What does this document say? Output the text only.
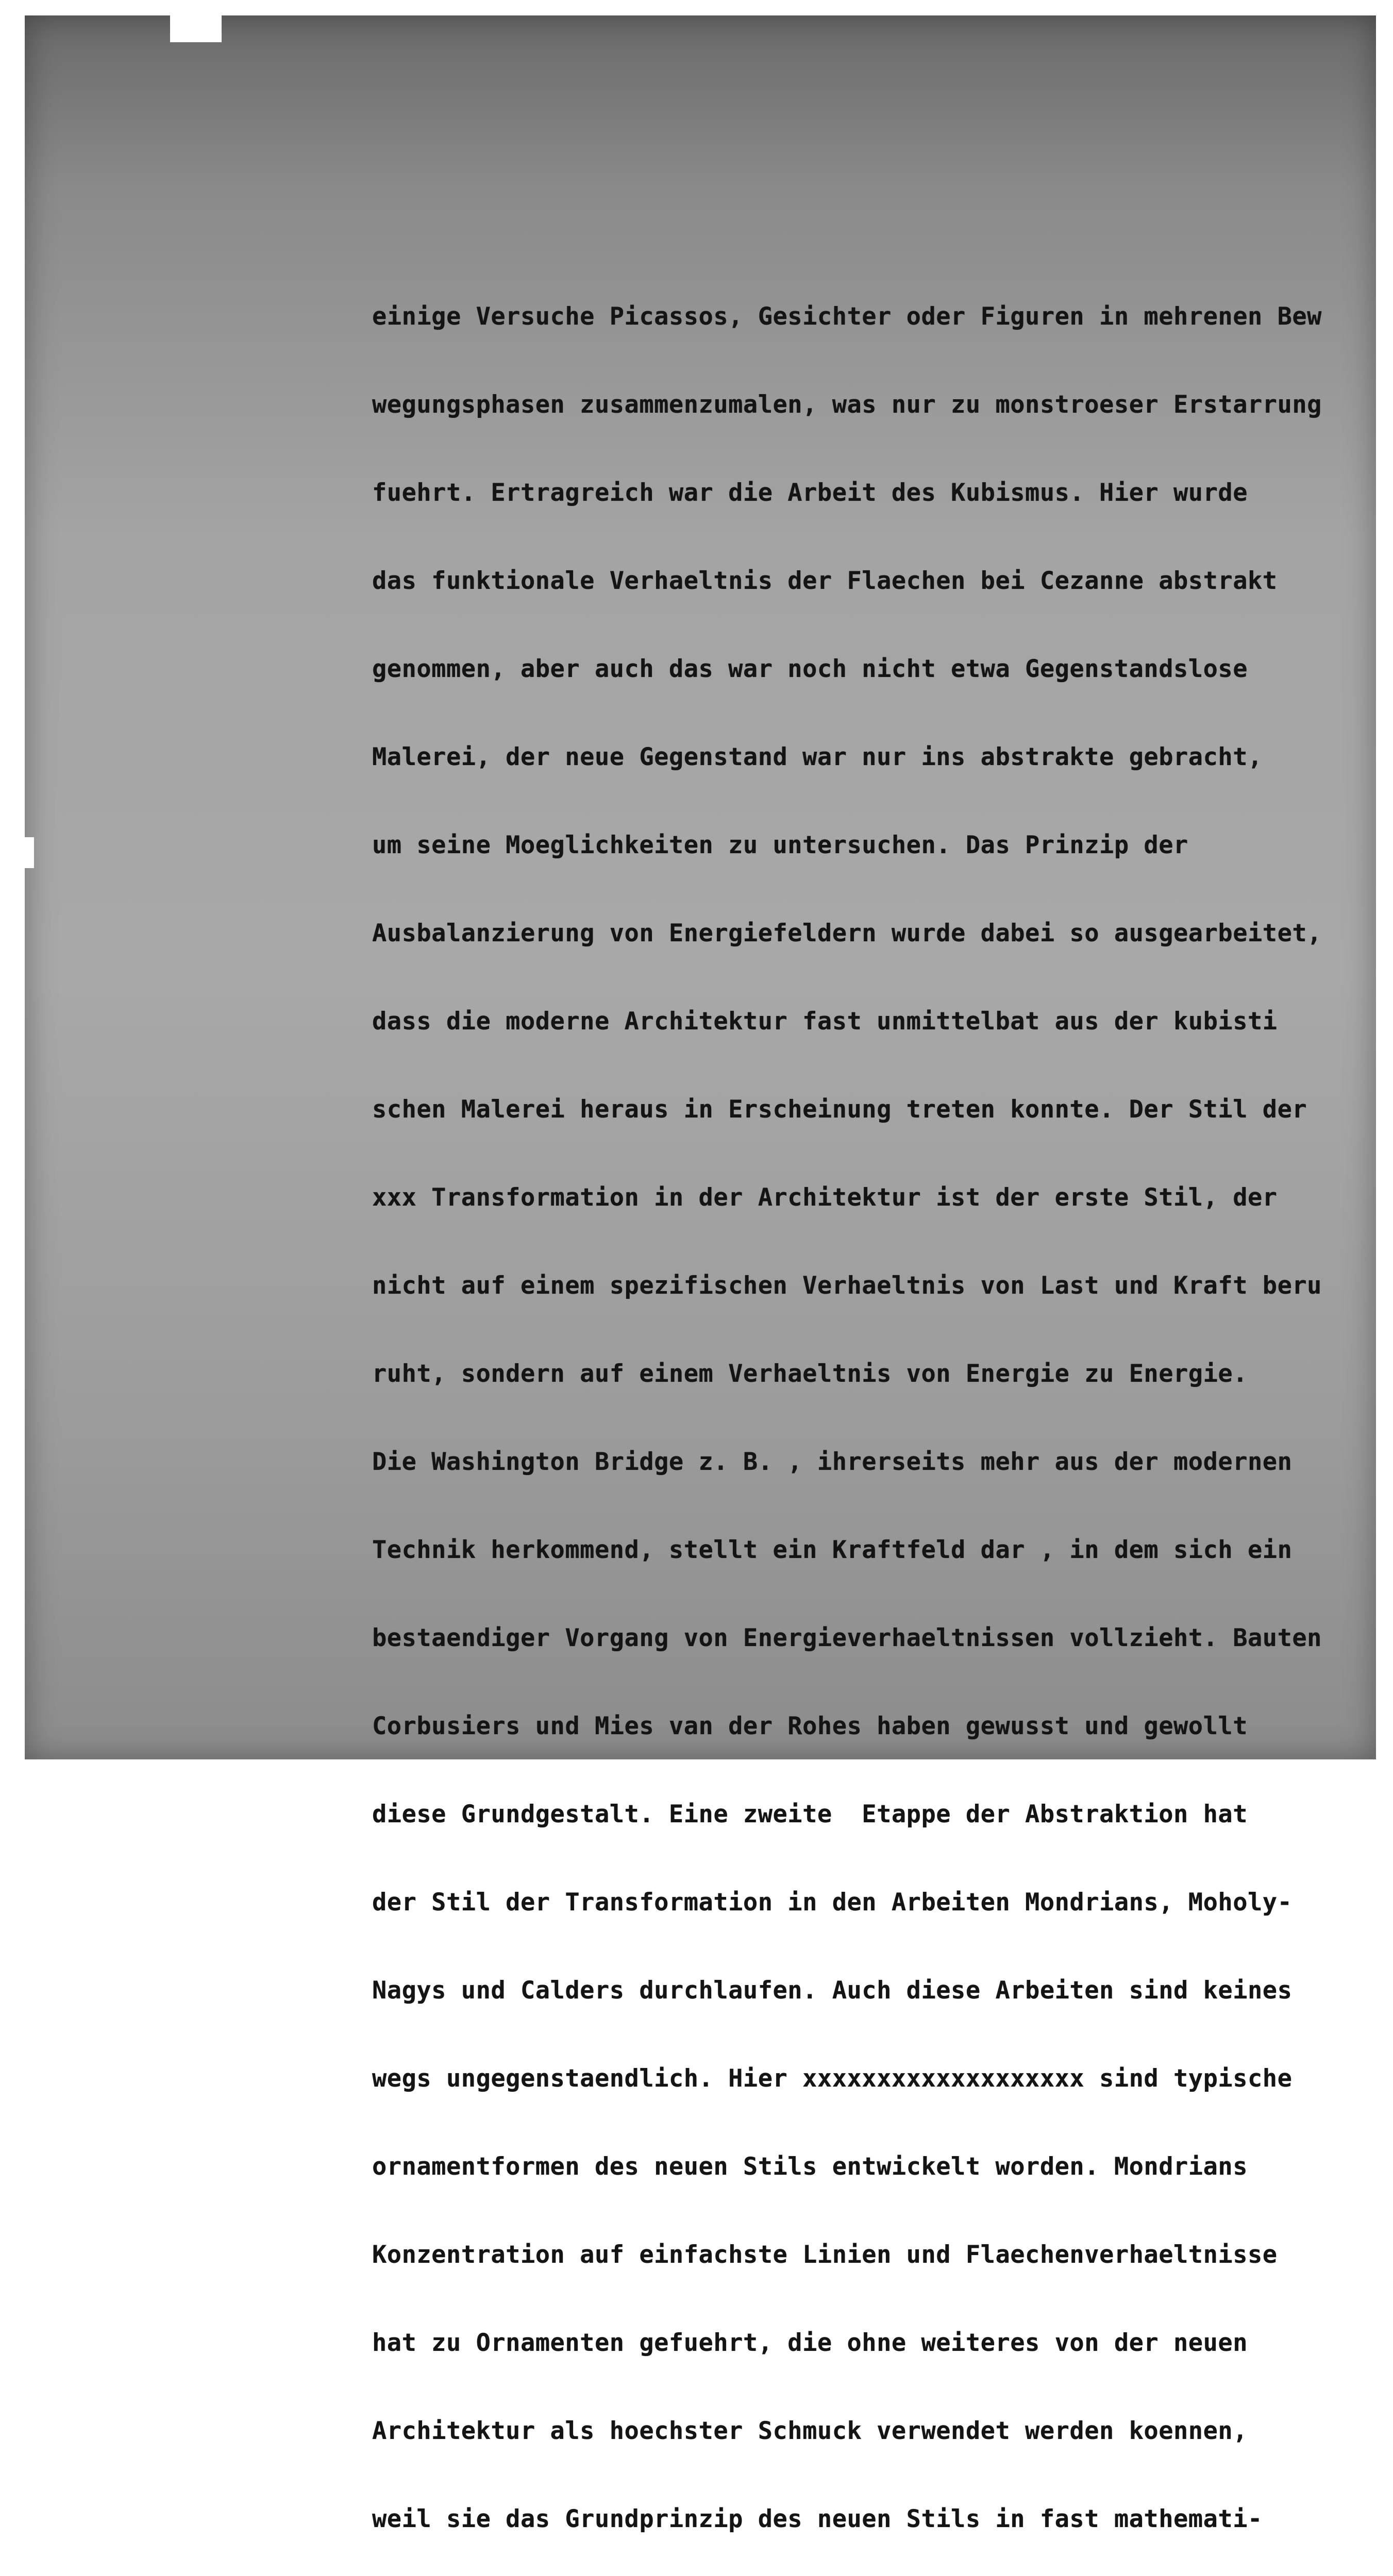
einige Versuche Picassos, Gesichter oder Figuren in mehrenen Bew

wegungsphasen zusammenzumalen, was nur zu monstroeser Erstarrung

fuehrt. Ertragreich war die Arbeit des Kubismus. Hier wurde

das funktionale Verhaeltnis der Flaechen bei Cezanne abstrakt

genommen, aber auch das war noch nicht etwa Gegenstandslose

Malerei, der neue Gegenstand war nur ins abstrakte gebracht,

um seine Moeglichkeiten zu untersuchen. Das Prinzip der

Ausbalanzierung von Energiefeldern wurde dabei so ausgearbeitet,

dass die moderne Architektur fast unmittelbat aus der kubisti

schen Malerei heraus in Erscheinung treten konnte. Der Stil der

xxx Transformation in der Architektur ist der erste Stil, der

nicht auf einem spezifischen Verhaeltnis von Last und Kraft beru

ruht, sondern auf einem Verhaeltnis von Energie zu Energie.

Die Washington Bridge z. B. , ihrerseits mehr aus der modernen

Technik herkommend, stellt ein Kraftfeld dar , in dem sich ein

bestaendiger Vorgang von Energieverhaeltnissen vollzieht. Bauten

Corbusiers und Mies van der Rohes haben gewusst und gewollt

diese Grundgestalt. Eine zweite  Etappe der Abstraktion hat

der Stil der Transformation in den Arbeiten Mondrians, Moholy-

Nagys und Calders durchlaufen. Auch diese Arbeiten sind keines

wegs ungegenstaendlich. Hier xxxxxxxxxxxxxxxxxxx sind typische

ornamentformen des neuen Stils entwickelt worden. Mondrians

Konzentration auf einfachste Linien und Flaechenverhaeltnisse

hat zu Ornamenten gefuehrt, die ohne weiteres von der neuen

Architektur als hoechster Schmuck verwendet werden koennen,

weil sie das Grundprinzip des neuen Stils in fast mathemati-
